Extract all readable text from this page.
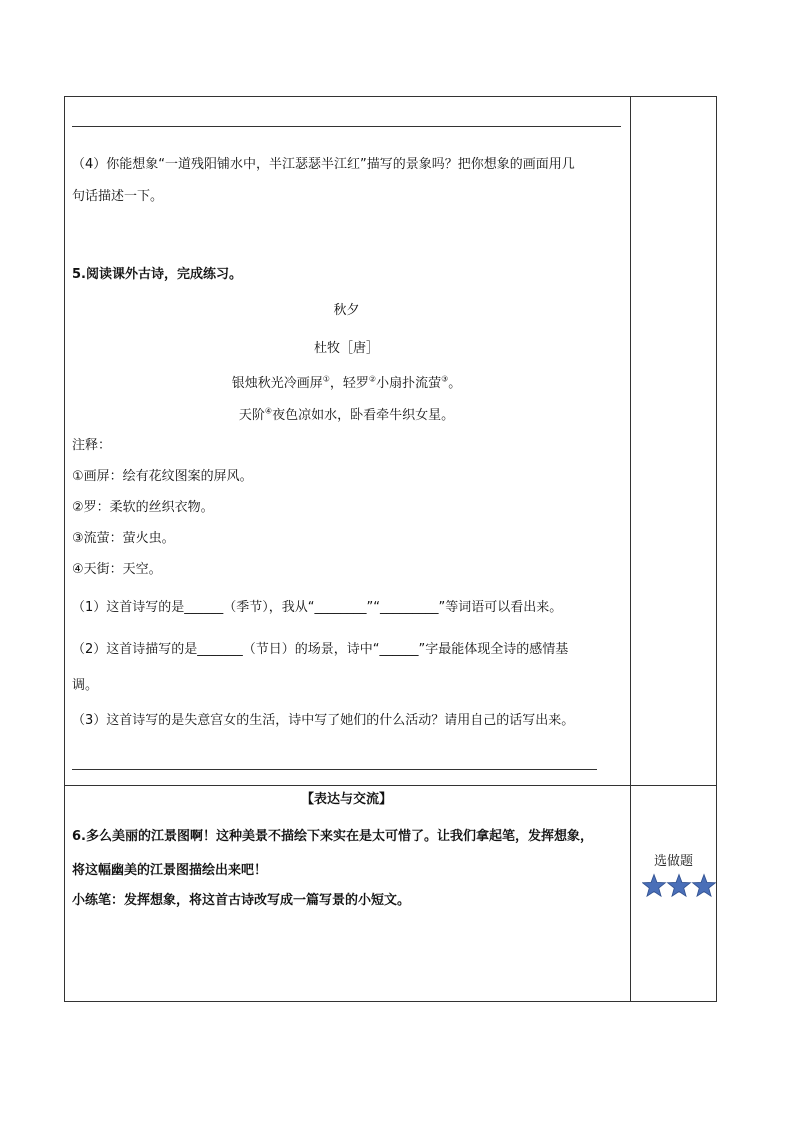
（4）你能想象“一道残阳铺水中，半江瑟瑟半江红”描写的景象吗？把你想象的画面用几
句话描述一下。
5.阅读课外古诗，完成练习。
秋夕
杜牧［唐］
银烛秋光冷画屏①，轻罗②小扇扑流萤③。
天阶④夜色凉如水，卧看牵牛织女星。
注释：
①画屏：绘有花纹图案的屏风。
②罗：柔软的丝织衣物。
③流萤：萤火虫。
④天街：天空。
（1）这首诗写的是______（季节），我从“________”“_________”等词语可以看出来。
（2）这首诗描写的是_______（节日）的场景，诗中“______”字最能体现全诗的感情基
调。
（3）这首诗写的是失意宫女的生活，诗中写了她们的什么活动？请用自己的话写出来。
【表达与交流】
6.多么美丽的江景图啊！这种美景不描绘下来实在是太可惜了。让我们拿起笔，发挥想象，
将这幅幽美的江景图描绘出来吧！
小练笔：发挥想象，将这首古诗改写成一篇写景的小短文。
选做题
